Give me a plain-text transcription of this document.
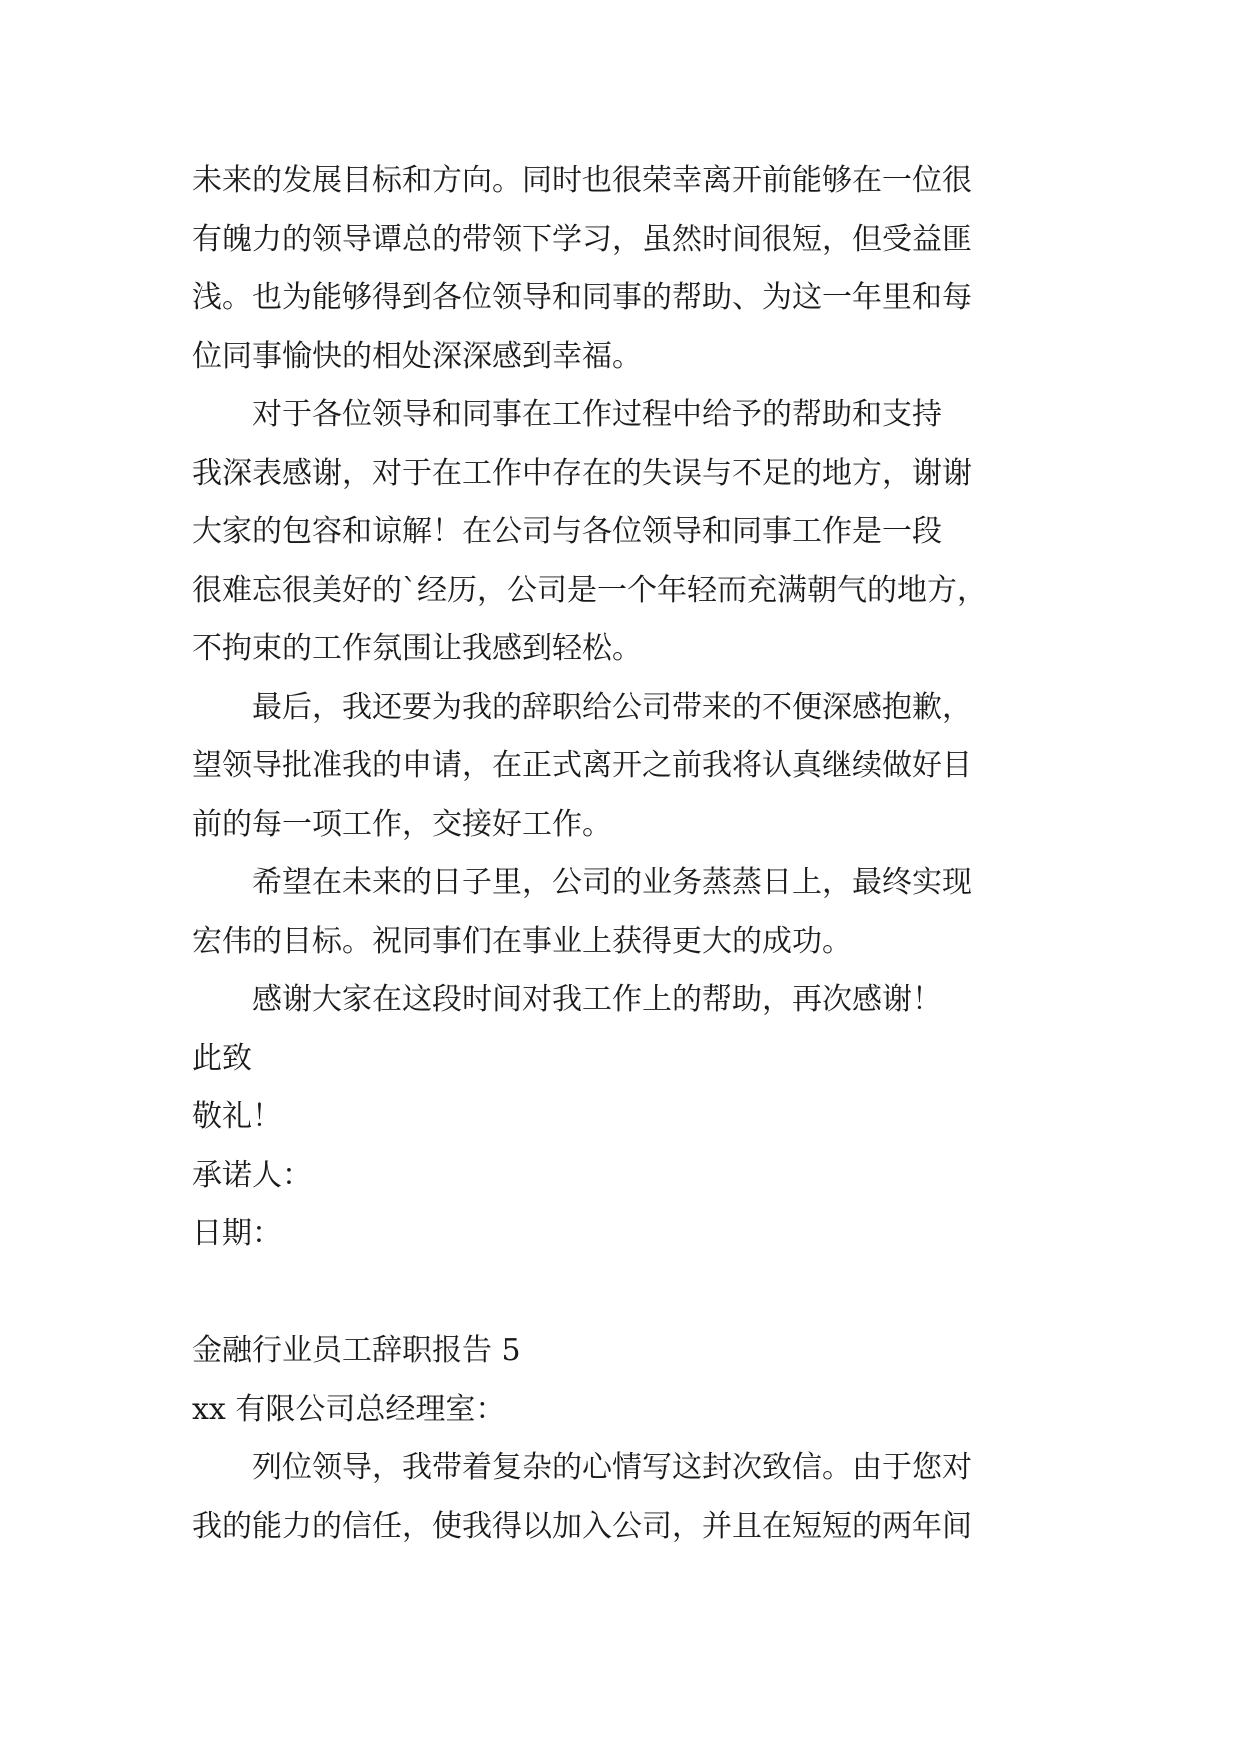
未来的发展目标和方向。同时也很荣幸离开前能够在一位很
有魄力的领导谭总的带领下学习，虽然时间很短，但受益匪
浅。也为能够得到各位领导和同事的帮助、为这一年里和每
位同事愉快的相处深深感到幸福。
　　对于各位领导和同事在工作过程中给予的帮助和支持
我深表感谢，对于在工作中存在的失误与不足的地方，谢谢
大家的包容和谅解！在公司与各位领导和同事工作是一段
很难忘很美好的`经历，公司是一个年轻而充满朝气的地方，
不拘束的工作氛围让我感到轻松。
　　最后，我还要为我的辞职给公司带来的不便深感抱歉，
望领导批准我的申请，在正式离开之前我将认真继续做好目
前的每一项工作，交接好工作。
　　希望在未来的日子里，公司的业务蒸蒸日上，最终实现
宏伟的目标。祝同事们在事业上获得更大的成功。
　　感谢大家在这段时间对我工作上的帮助，再次感谢！
此致
敬礼！
承诺人：
日期：
金融行业员工辞职报告 5
xx 有限公司总经理室：
　　列位领导，我带着复杂的心情写这封次致信。由于您对
我的能力的信任，使我得以加入公司，并且在短短的两年间
